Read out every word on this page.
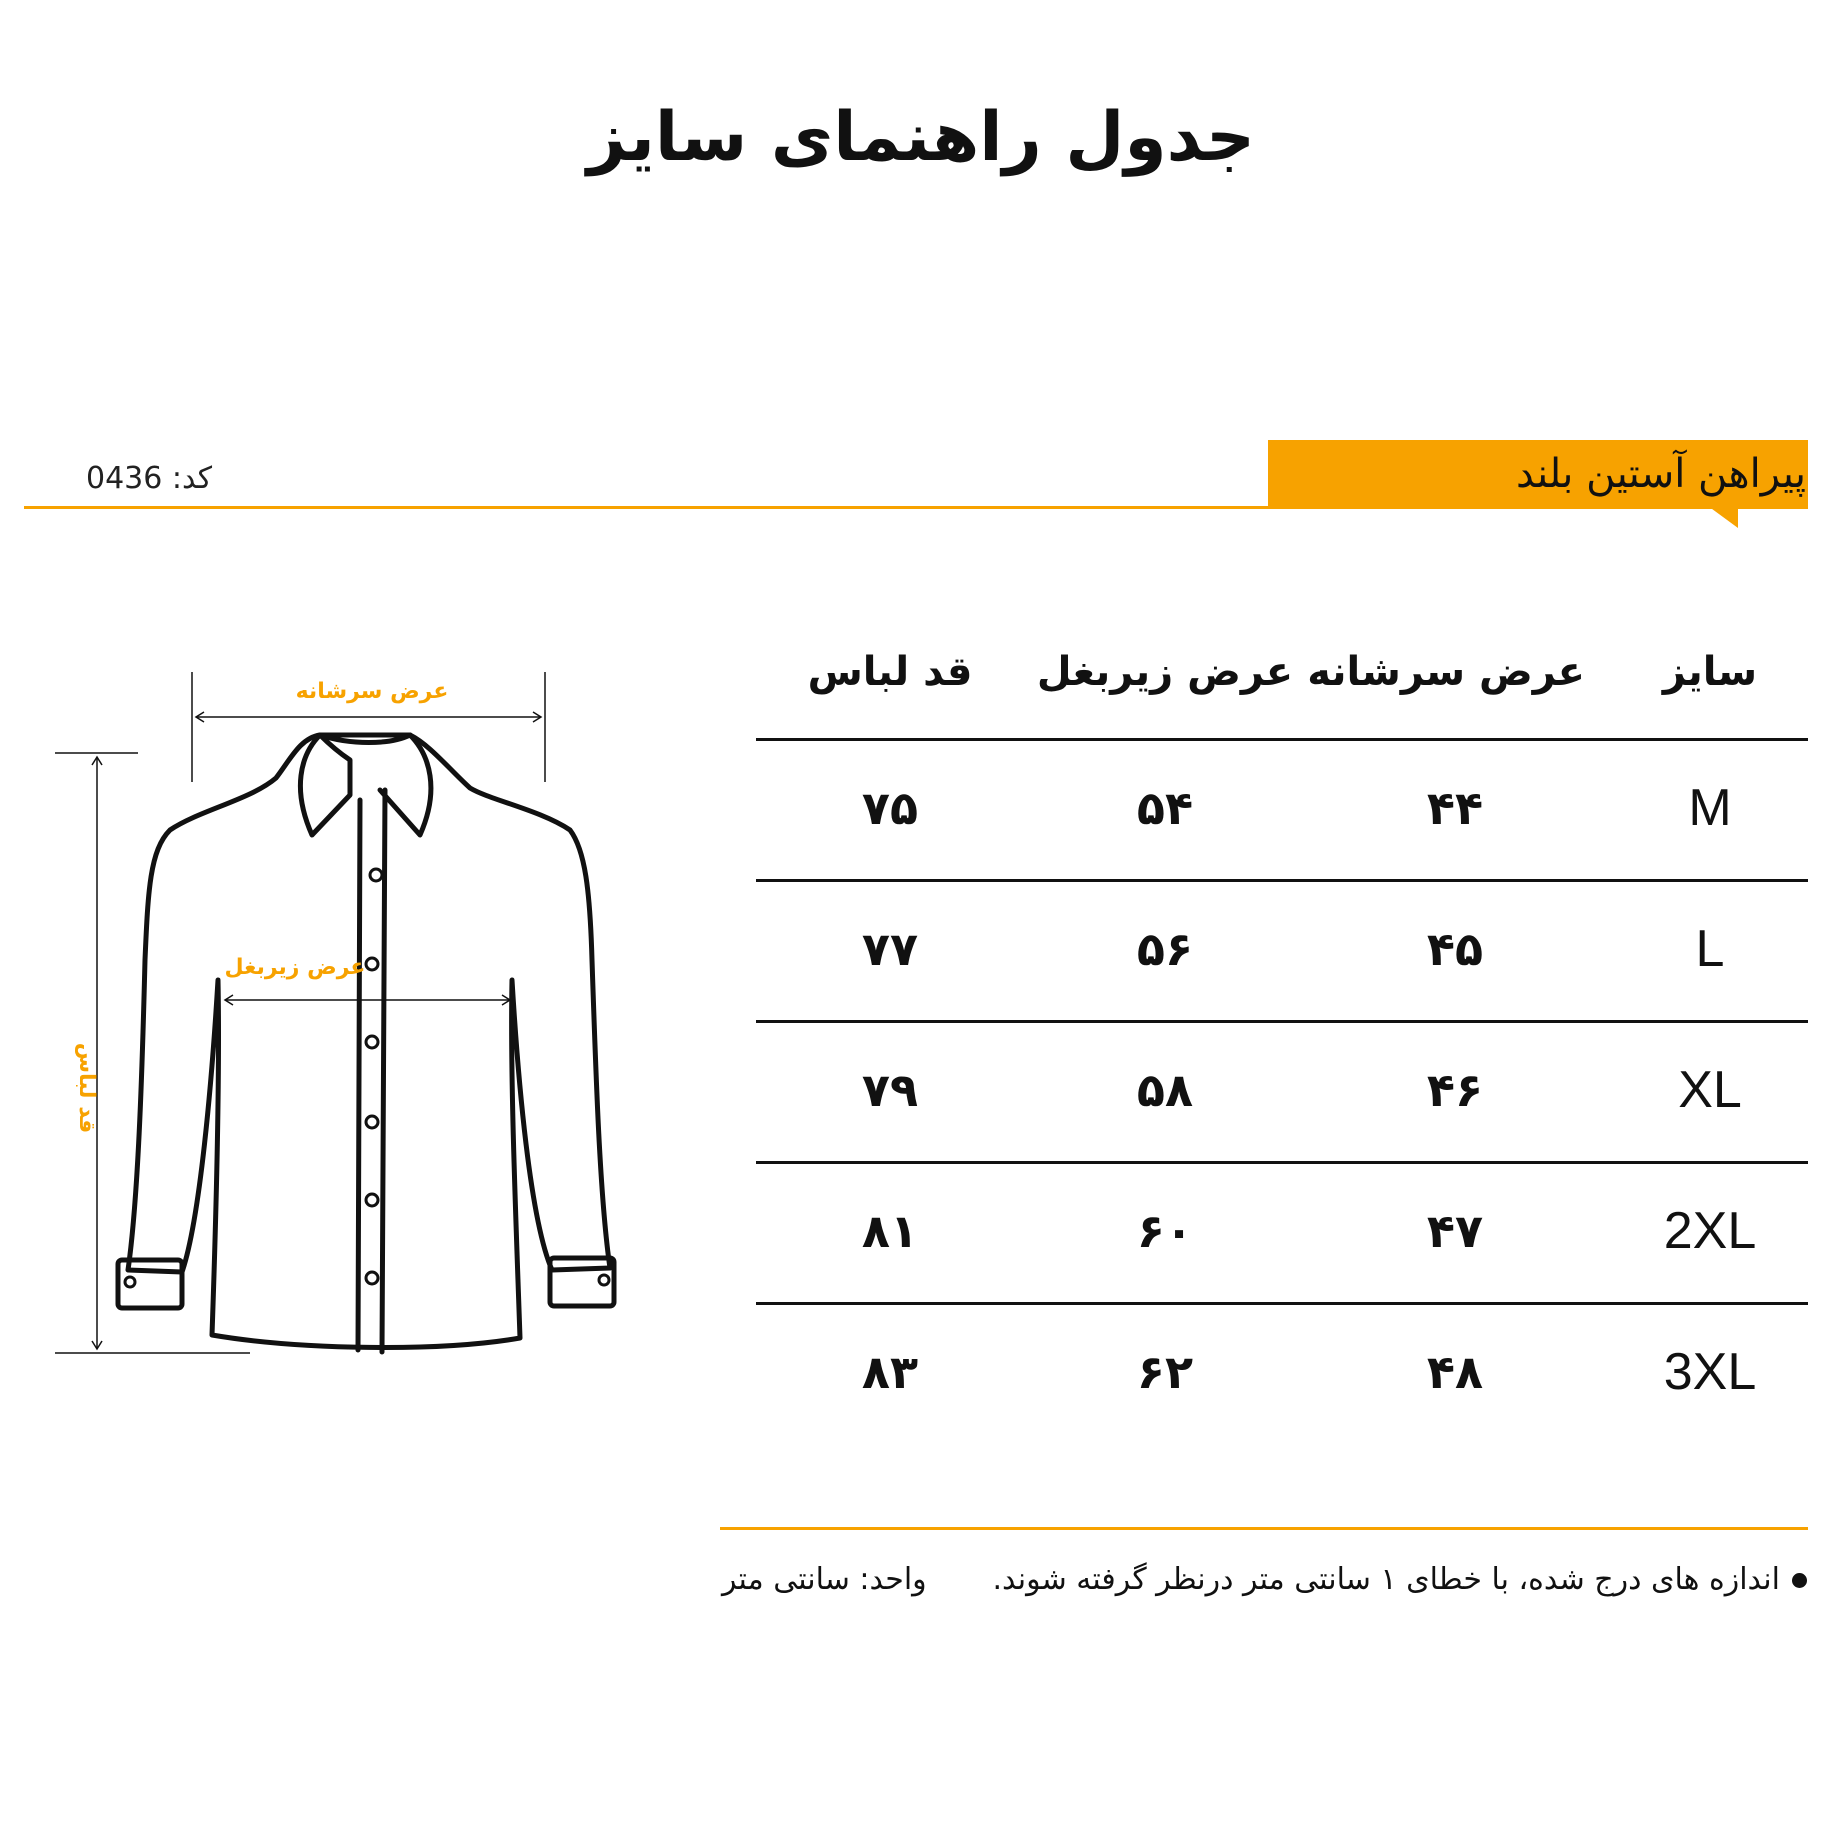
جدول راهنمای سایز
پیراهن آستین بلند
0436 کد:
عرض سرشانه
عرض زیربغل
قد لباس
سایز
عرض سرشانه
عرض زیربغل
قد لباس
M
۴۴
۵۴
۷۵
L
۴۵
۵۶
۷۷
XL
۴۶
۵۸
۷۹
2XL
۴۷
۶۰
۸۱
3XL
۴۸
۶۲
۸۳
اندازه های درج شده، با خطای ۱ سانتی متر درنظر گرفته شوند.
واحد: سانتی متر
